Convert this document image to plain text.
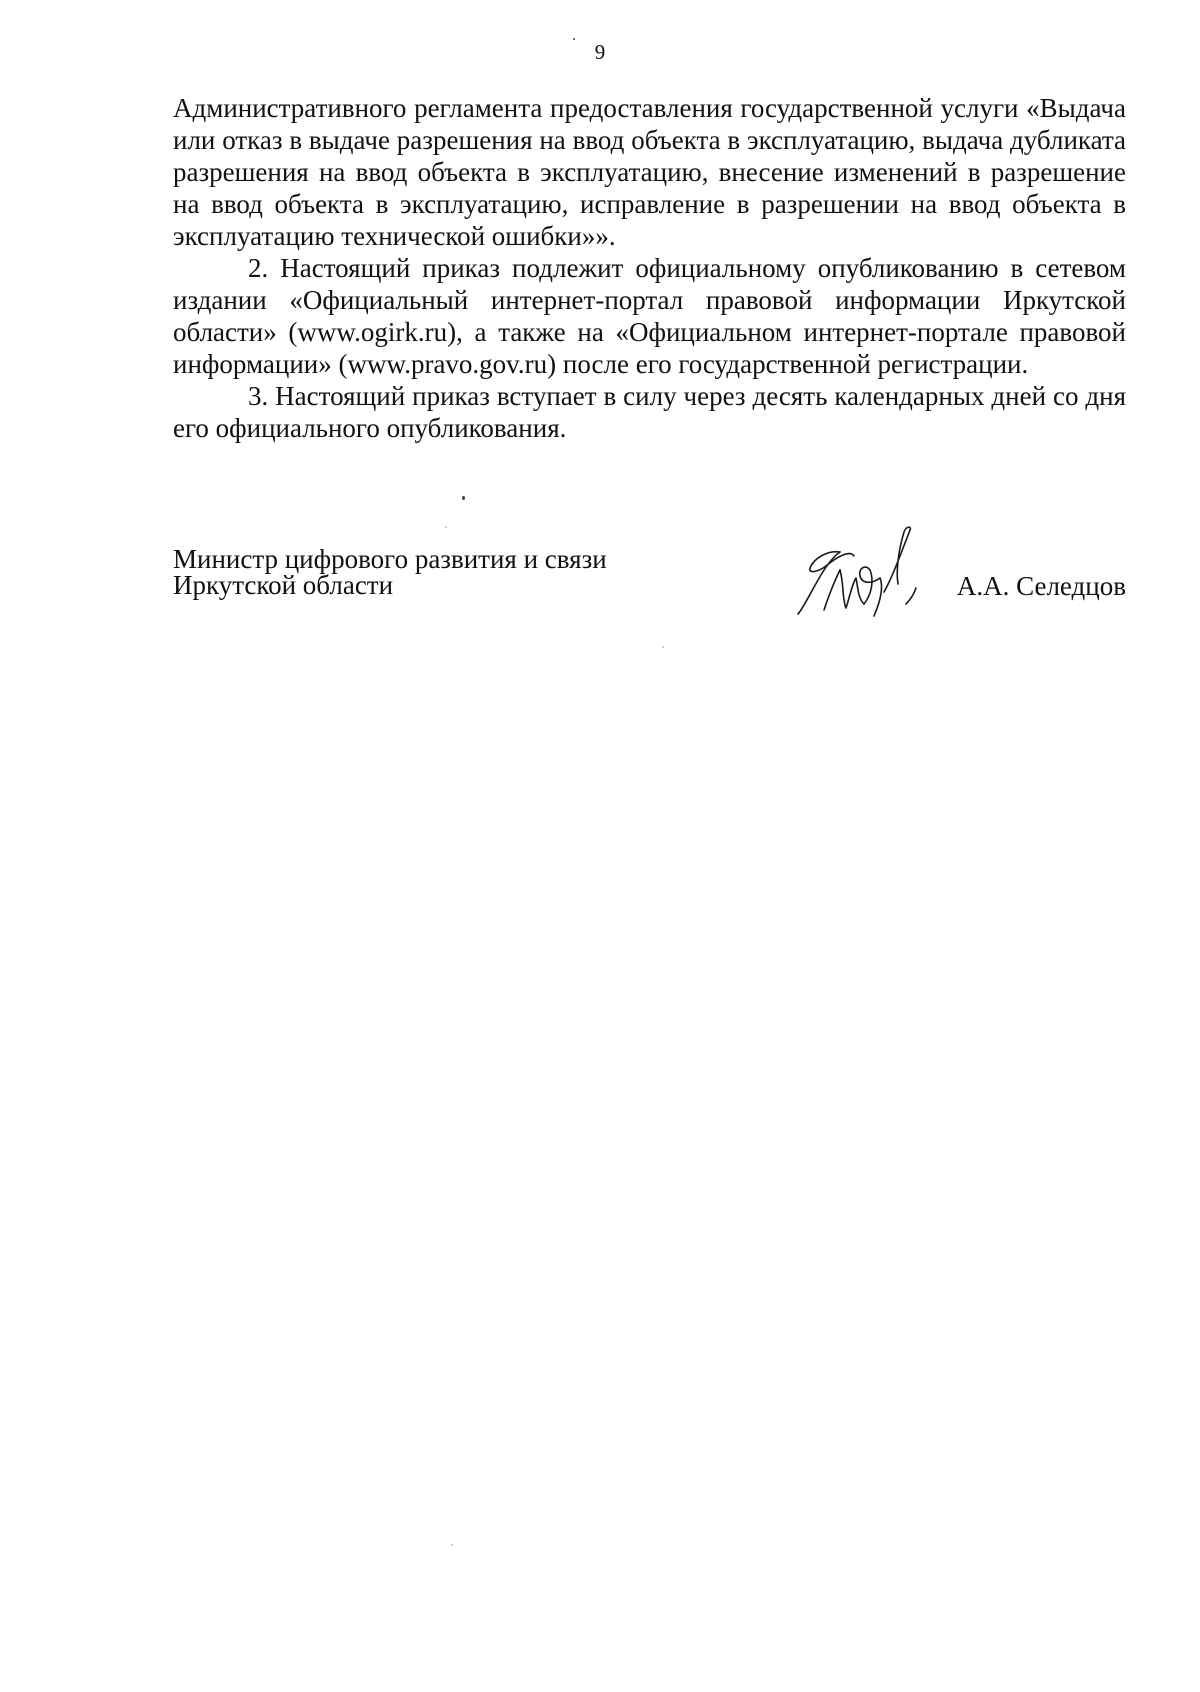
9

Административного регламента предоставления государственной услуги «Выдача или отказ в выдаче разрешения на ввод объекта в эксплуатацию, выдача дубликата разрешения на ввод объекта в эксплуатацию, внесение изменений в разрешение на ввод объекта в эксплуатацию, исправление в разрешении на ввод объекта в эксплуатацию технической ошибки»».

2. Настоящий приказ подлежит официальному опубликованию в сетевом издании «Официальный интернет-портал правовой информации Иркутской области» (www.ogirk.ru), а также на «Официальном интернет-портале правовой информации» (www.pravo.gov.ru) после его государственной регистрации.

3. Настоящий приказ вступает в силу через десять календарных дней со дня его официального опубликования.

Министр цифрового развития и связи
Иркутской области	А.А. Селедцов
